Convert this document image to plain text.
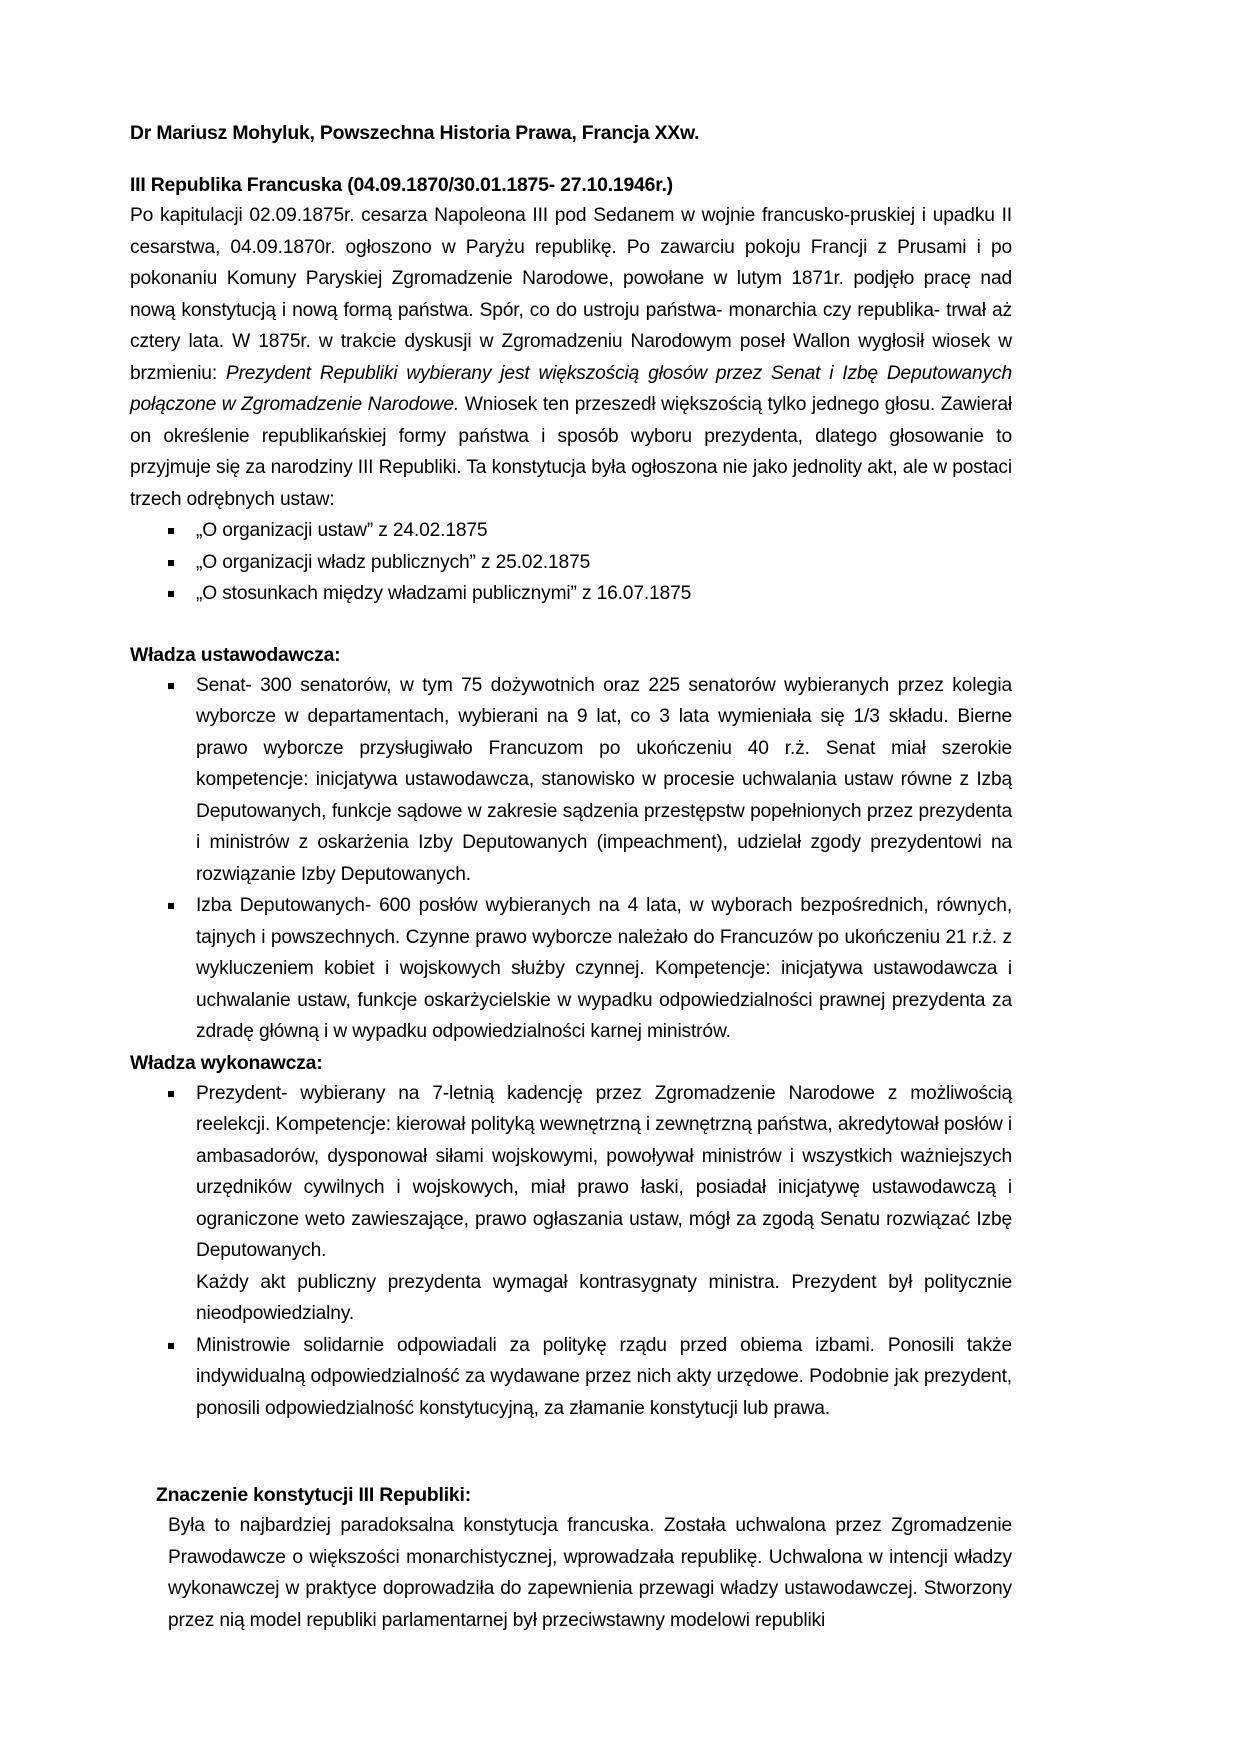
Dr Mariusz Mohyluk, Powszechna Historia Prawa, Francja XXw.
III Republika Francuska (04.09.1870/30.01.1875- 27.10.1946r.)

Po kapitulacji 02.09.1875r. cesarza Napoleona III pod Sedanem w wojnie francusko-pruskiej i upadku II cesarstwa, 04.09.1870r. ogłoszono w Paryżu republikę. Po zawarciu pokoju Francji z Prusami i po pokonaniu Komuny Paryskiej Zgromadzenie Narodowe, powołane w lutym 1871r. podjęło pracę nad nową konstytucją i nową formą państwa. Spór, co do ustroju państwa- monarchia czy republika- trwał aż cztery lata. W 1875r. w trakcie dyskusji w Zgromadzeniu Narodowym poseł Wallon wygłosił wiosek w brzmieniu: Prezydent Republiki wybierany jest większością głosów przez Senat i Izbę Deputowanych połączone w Zgromadzenie Narodowe. Wniosek ten przeszedł większością tylko jednego głosu. Zawierał on określenie republikańskiej formy państwa i sposób wyboru prezydenta, dlatego głosowanie to przyjmuje się za narodziny III Republiki. Ta konstytucja była ogłoszona nie jako jednolity akt, ale w postaci trzech odrębnych ustaw:

„O organizacji ustaw” z 24.02.1875
„O organizacji władz publicznych” z 25.02.1875
„O stosunkach między władzami publicznymi” z 16.07.1875
Władza ustawodawcza:
Senat- 300 senatorów, w tym 75 dożywotnich oraz 225 senatorów wybieranych przez kolegia wyborcze w departamentach, wybierani na 9 lat, co 3 lata wymieniała się 1/3 składu. Bierne prawo wyborcze przysługiwało Francuzom po ukończeniu 40 r.ż. Senat miał szerokie kompetencje: inicjatywa ustawodawcza, stanowisko w procesie uchwalania ustaw równe z Izbą Deputowanych, funkcje sądowe w zakresie sądzenia przestępstw popełnionych przez prezydenta i ministrów z oskarżenia Izby Deputowanych (impeachment), udzielał zgody prezydentowi na rozwiązanie Izby Deputowanych.
Izba Deputowanych- 600 posłów wybieranych na 4 lata, w wyborach bezpośrednich, równych, tajnych i powszechnych. Czynne prawo wyborcze należało do Francuzów po ukończeniu 21 r.ż. z wykluczeniem kobiet i wojskowych służby czynnej. Kompetencje: inicjatywa ustawodawcza i uchwalanie ustaw, funkcje oskarżycielskie w wypadku odpowiedzialności prawnej prezydenta za zdradę główną i w wypadku odpowiedzialności karnej ministrów.
Władza wykonawcza:
Prezydent- wybierany na 7-letnią kadencję przez Zgromadzenie Narodowe z możliwością reelekcji. Kompetencje: kierował polityką wewnętrzną i zewnętrzną państwa, akredytował posłów i ambasadorów, dysponował siłami wojskowymi, powoływał ministrów i wszystkich ważniejszych urzędników cywilnych i wojskowych, miał prawo łaski, posiadał inicjatywę ustawodawczą i ograniczone weto zawieszające, prawo ogłaszania ustaw, mógł za zgodą Senatu rozwiązać Izbę Deputowanych.

Każdy akt publiczny prezydenta wymagał kontrasygnaty ministra. Prezydent był politycznie nieodpowiedzialny.

Ministrowie solidarnie odpowiadali za politykę rządu przed obiema izbami. Ponosili także indywidualną odpowiedzialność za wydawane przez nich akty urzędowe. Podobnie jak prezydent, ponosili odpowiedzialność konstytucyjną, za złamanie konstytucji lub prawa.
Znaczenie konstytucji III Republiki:

Była to najbardziej paradoksalna konstytucja francuska. Została uchwalona przez Zgromadzenie Prawodawcze o większości monarchistycznej, wprowadzała republikę. Uchwalona w intencji władzy wykonawczej w praktyce doprowadziła do zapewnienia przewagi władzy ustawodawczej. Stworzony przez nią model republiki parlamentarnej był przeciwstawny modelowi republiki
